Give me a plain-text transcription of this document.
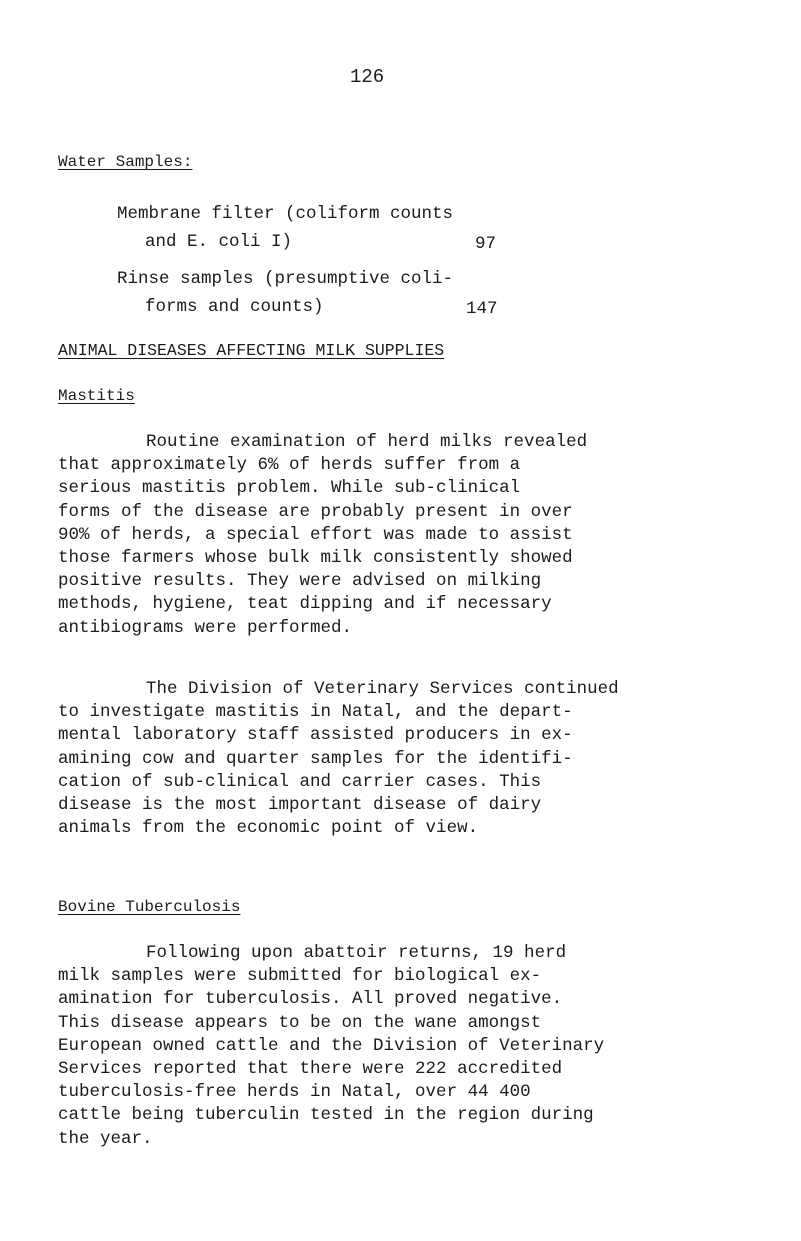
126
Water Samples:
Membrane filter (coliform counts
and E. coli I)	97
Rinse samples (presumptive coli-
forms and counts)	147
ANIMAL DISEASES AFFECTING MILK SUPPLIES
Mastitis
Routine examination of herd milks revealed
that approximately 6% of herds suffer from a
serious mastitis problem. While sub-clinical
forms of the disease are probably present in over
90% of herds, a special effort was made to assist
those farmers whose bulk milk consistently showed
positive results. They were advised on milking
methods, hygiene, teat dipping and if necessary
antibiograms were performed.
The Division of Veterinary Services continued
to investigate mastitis in Natal, and the depart-
mental laboratory staff assisted producers in ex-
amining cow and quarter samples for the identifi-
cation of sub-clinical and carrier cases. This
disease is the most important disease of dairy
animals from the economic point of view.
Bovine Tuberculosis
Following upon abattoir returns, 19 herd
milk samples were submitted for biological ex-
amination for tuberculosis. All proved negative.
This disease appears to be on the wane amongst
European owned cattle and the Division of Veterinary
Services reported that there were 222 accredited
tuberculosis-free herds in Natal, over 44 400
cattle being tuberculin tested in the region during
the year.
